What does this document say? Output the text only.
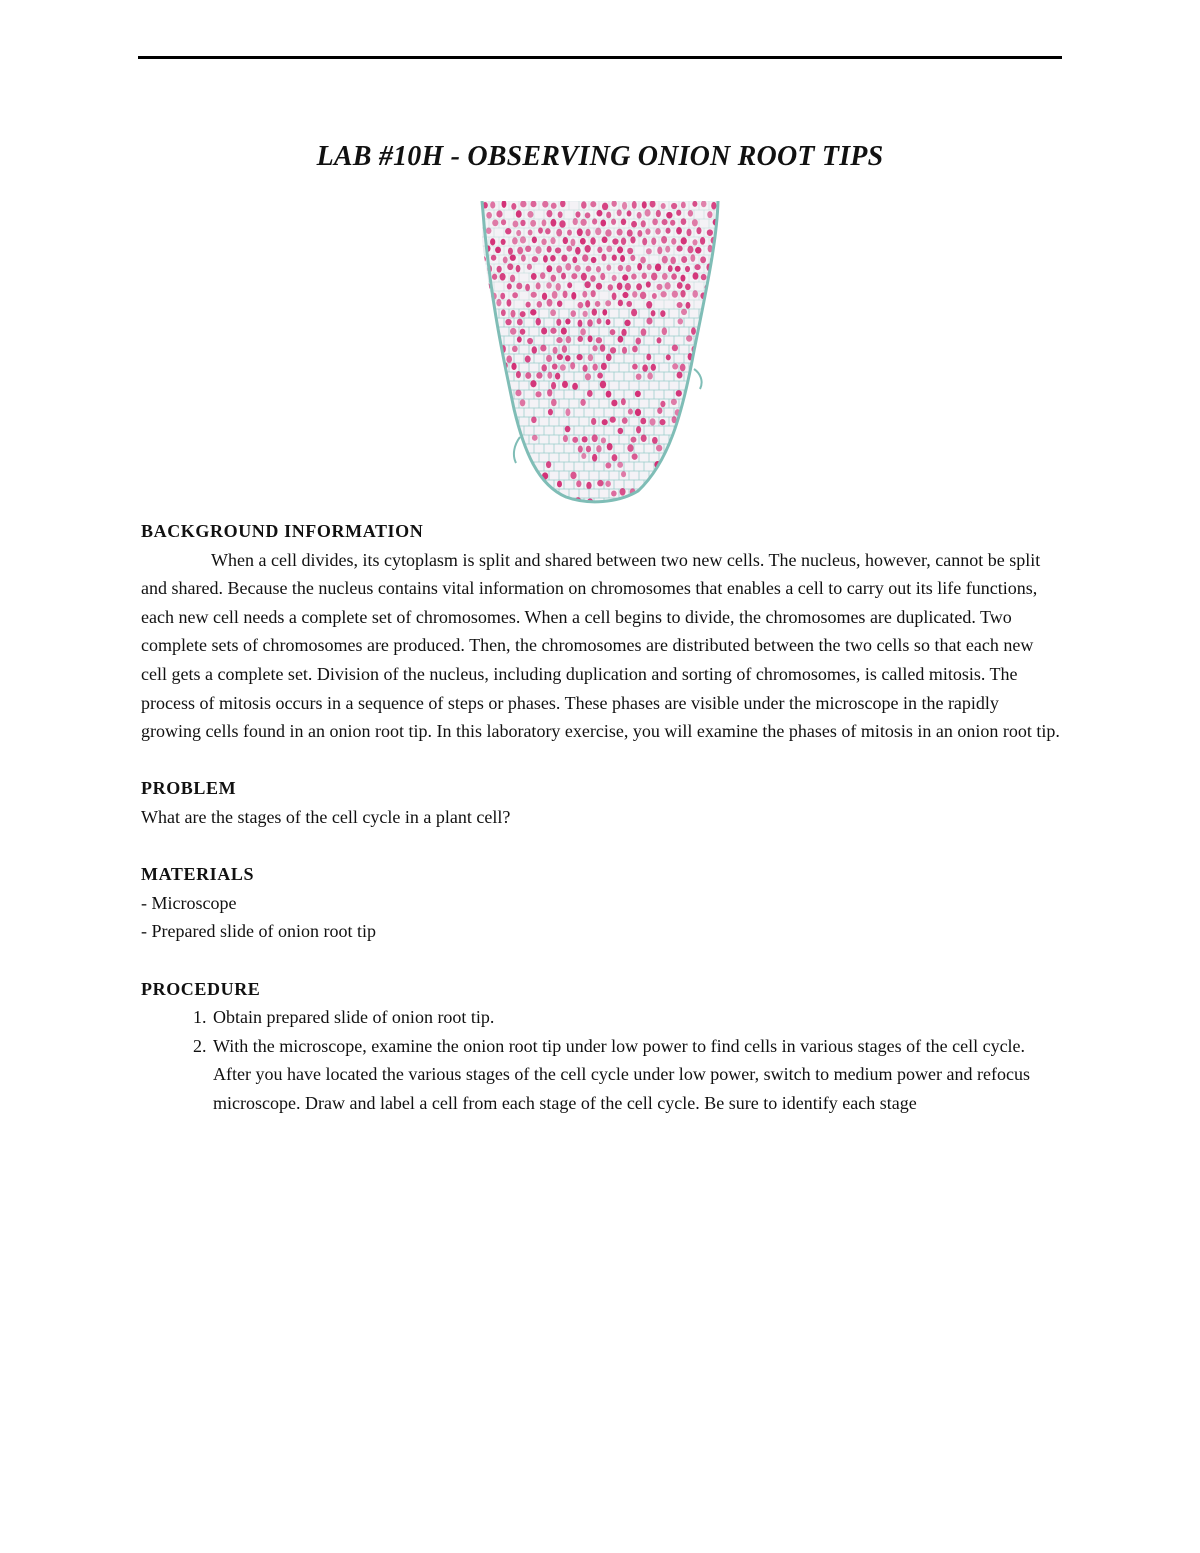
LAB #10H - OBSERVING ONION ROOT TIPS

BACKGROUND INFORMATION

When a cell divides, its cytoplasm is split and shared between two new cells. The nucleus, however, cannot be split and shared. Because the nucleus contains vital information on chromosomes that enables a cell to carry out its life functions, each new cell needs a complete set of chromosomes. When a cell begins to divide, the chromosomes are duplicated. Two complete sets of chromosomes are produced. Then, the chromosomes are distributed between the two cells so that each new cell gets a complete set. Division of the nucleus, including duplication and sorting of chromosomes, is called mitosis. The process of mitosis occurs in a sequence of steps or phases. These phases are visible under the microscope in the rapidly growing cells found in an onion root tip. In this laboratory exercise, you will examine the phases of mitosis in an onion root tip.

PROBLEM

What are the stages of the cell cycle in a plant cell?

MATERIALS

- Microscope

- Prepared slide of onion root tip

PROCEDURE

1. Obtain prepared slide of onion root tip.
2. With the microscope, examine the onion root tip under low power to find cells in various stages of the cell cycle. After you have located the various stages of the cell cycle under low power, switch to medium power and refocus microscope. Draw and label a cell from each stage of the cell cycle. Be sure to identify each stage
